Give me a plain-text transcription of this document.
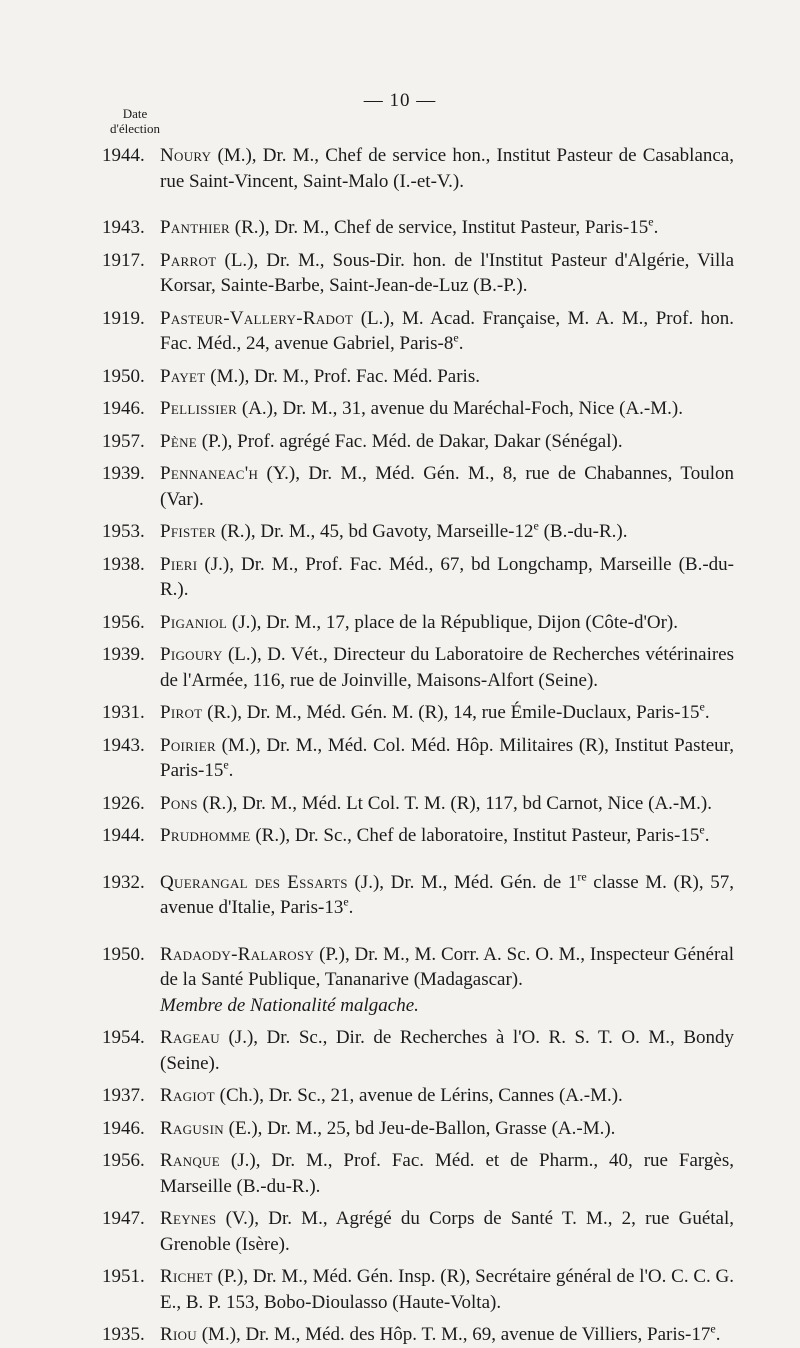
— 10 —
Date
d'élection
1944. Noury (M.), Dr. M., Chef de service hon., Institut Pasteur de Casablanca, rue Saint-Vincent, Saint-Malo (I.-et-V.).
1943. Panthier (R.), Dr. M., Chef de service, Institut Pasteur, Paris-15e.
1917. Parrot (L.), Dr. M., Sous-Dir. hon. de l'Institut Pasteur d'Algérie, Villa Korsar, Sainte-Barbe, Saint-Jean-de-Luz (B.-P.).
1919. Pasteur-Vallery-Radot (L.), M. Acad. Française, M. A. M., Prof. hon. Fac. Méd., 24, avenue Gabriel, Paris-8e.
1950. Payet (M.), Dr. M., Prof. Fac. Méd. Paris.
1946. Pellissier (A.), Dr. M., 31, avenue du Maréchal-Foch, Nice (A.-M.).
1957. Pène (P.), Prof. agrégé Fac. Méd. de Dakar, Dakar (Sénégal).
1939. Pennaneac'h (Y.), Dr. M., Méd. Gén. M., 8, rue de Chabannes, Toulon (Var).
1953. Pfister (R.), Dr. M., 45, bd Gavoty, Marseille-12e (B.-du-R.).
1938. Pieri (J.), Dr. M., Prof. Fac. Méd., 67, bd Longchamp, Marseille (B.-du-R.).
1956. Piganiol (J.), Dr. M., 17, place de la République, Dijon (Côte-d'Or).
1939. Pigoury (L.), D. Vét., Directeur du Laboratoire de Recherches vétérinaires de l'Armée, 116, rue de Joinville, Maisons-Alfort (Seine).
1931. Pirot (R.), Dr. M., Méd. Gén. M. (R), 14, rue Émile-Duclaux, Paris-15e.
1943. Poirier (M.), Dr. M., Méd. Col. Méd. Hôp. Militaires (R), Institut Pasteur, Paris-15e.
1926. Pons (R.), Dr. M., Méd. Lt Col. T. M. (R), 117, bd Carnot, Nice (A.-M.).
1944. Prudhomme (R.), Dr. Sc., Chef de laboratoire, Institut Pasteur, Paris-15e.
1932. Querangal des Essarts (J.), Dr. M., Méd. Gén. de 1re classe M. (R), 57, avenue d'Italie, Paris-13e.
1950. Radaody-Ralarosy (P.), Dr. M., M. Corr. A. Sc. O. M., Inspecteur Général de la Santé Publique, Tananarive (Madagascar).
Membre de Nationalité malgache.
1954. Rageau (J.), Dr. Sc., Dir. de Recherches à l'O. R. S. T. O. M., Bondy (Seine).
1937. Ragiot (Ch.), Dr. Sc., 21, avenue de Lérins, Cannes (A.-M.).
1946. Ragusin (E.), Dr. M., 25, bd Jeu-de-Ballon, Grasse (A.-M.).
1956. Ranque (J.), Dr. M., Prof. Fac. Méd. et de Pharm., 40, rue Fargès, Marseille (B.-du-R.).
1947. Reynes (V.), Dr. M., Agrégé du Corps de Santé T. M., 2, rue Guétal, Grenoble (Isère).
1951. Richet (P.), Dr. M., Méd. Gén. Insp. (R), Secrétaire général de l'O. C. C. G. E., B. P. 153, Bobo-Dioulasso (Haute-Volta).
1935. Riou (M.), Dr. M., Méd. des Hôp. T. M., 69, avenue de Villiers, Paris-17e.
